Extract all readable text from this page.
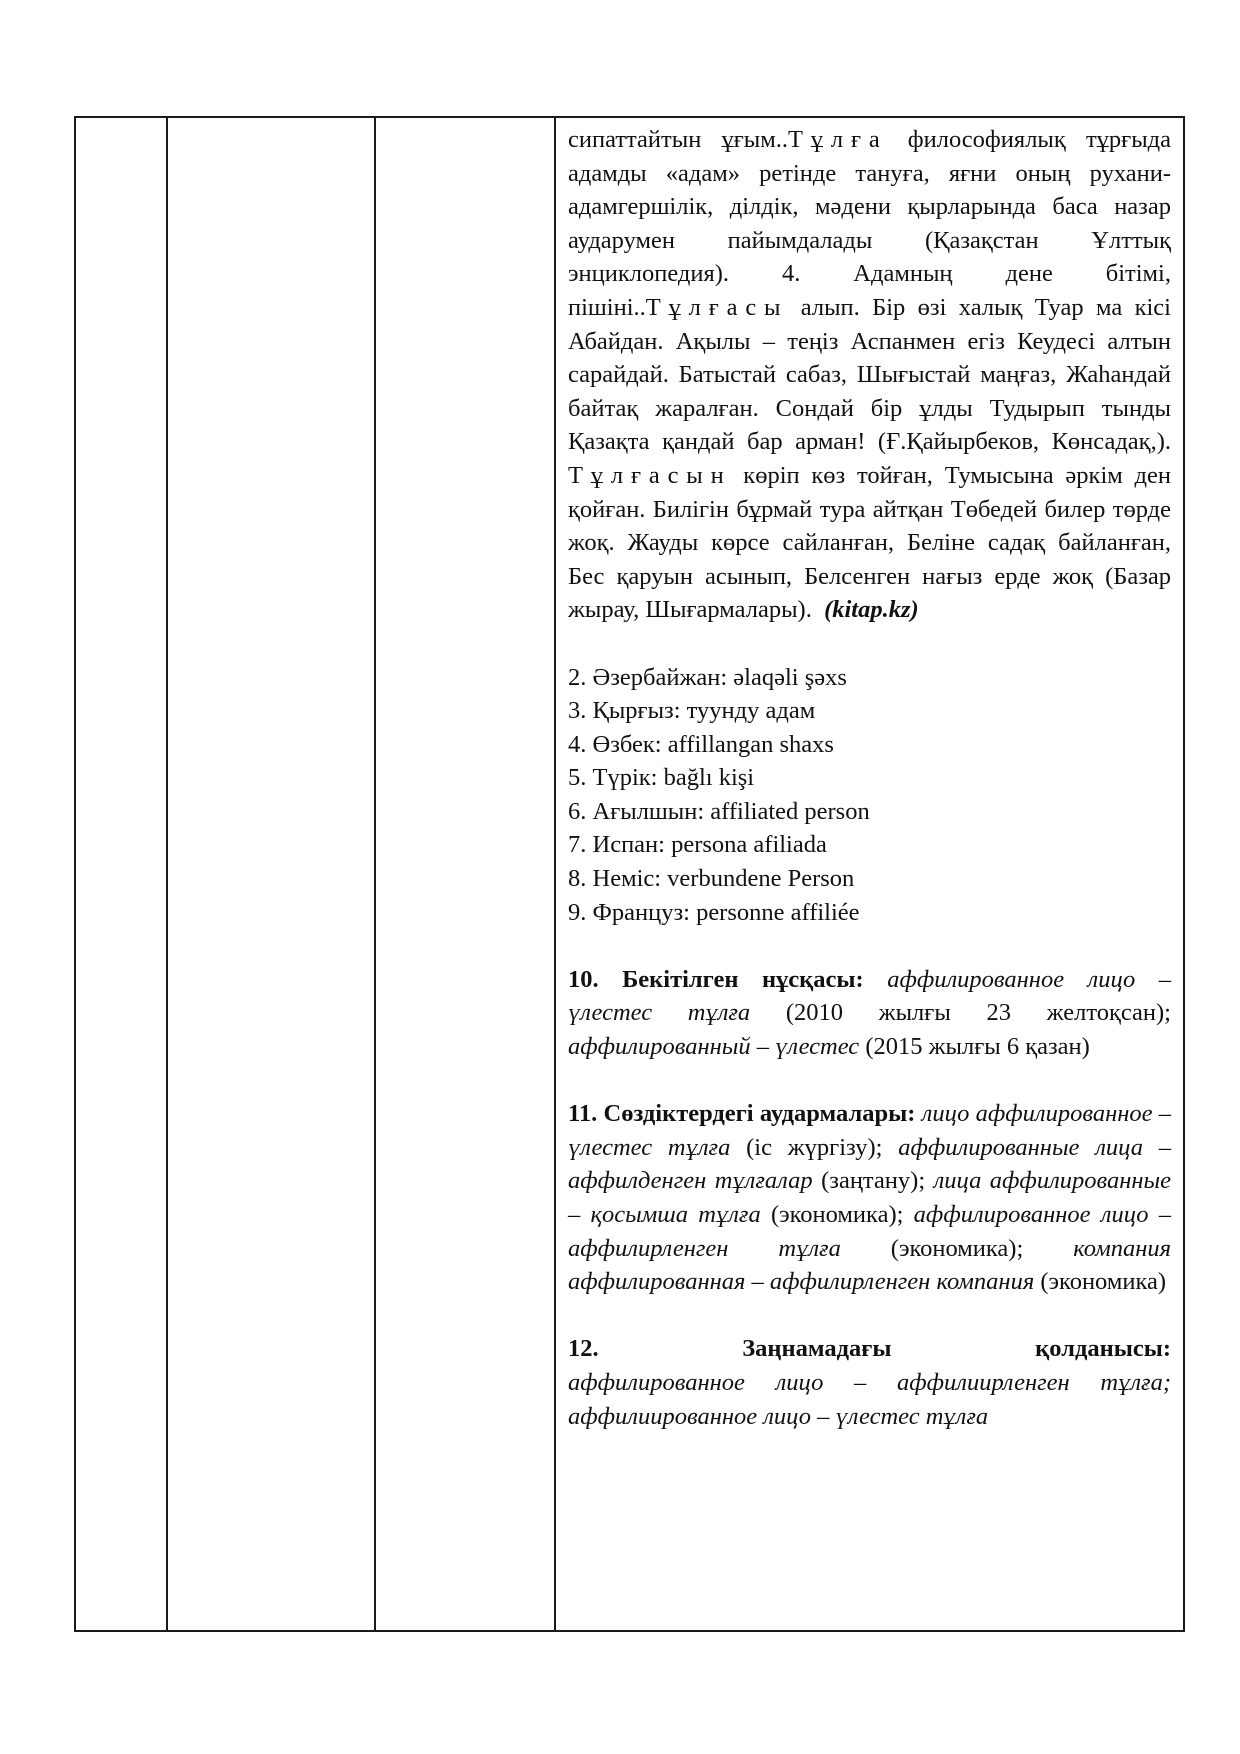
сипаттайтын ұғым..Тұлға философиялық тұрғыда адамды «адам» ретінде тануға, яғни оның рухани-адамгершілік, ділдік, мәдени қырларында баса назар аударумен пайымдалады (Қазақстан Ұлттық энциклопедия). 4. Адамның дене бітімі, пішіні..Тұлғасы алып. Бір өзі халық Туар ма кісі Абайдан. Ақылы – теңіз Аспанмен егіз Кеудесі алтын сарайдай. Батыстай сабаз, Шығыстай маңғаз, Жаһандай байтақ жаралған. Сондай бір ұлды Тудырып тынды Қазақта қандай бар арман! (Ғ.Қайырбеков, Көнсадақ,). Тұлғасын көріп көз тойған, Тумысына әркім ден қойған. Билігін бұрмай тура айтқан Төбедей билер төрде жоқ. Жауды көрсе сайланған, Беліне садақ байланған, Бес қаруын асынып, Белсенген нағыз ерде жоқ (Базар жырау, Шығармалары). (kitap.kz)

2. Әзербайжан: əlaqəli şəxs

3. Қырғыз: туунду адам

4. Өзбек: affillangan shaxs

5. Түрік: bağlı kişi

6. Ағылшын: affiliated person

7. Испан: persona afiliada

8. Неміс: verbundene Person

9. Француз: personne affiliée

10. Бекітілген нұсқасы: аффилированное лицо – үлестес тұлға (2010 жылғы 23 желтоқсан); аффилированный – үлестес (2015 жылғы 6 қазан)

11. Сөздіктердегі аудармалары: лицо аффилированное – үлестес тұлға (іс жүргізу); аффилированные лица – аффилденген тұлғалар (заңтану); лица аффилированные – қосымша тұлға (экономика); аффилированное лицо – аффилирленген тұлға (экономика); компания аффилированная – аффилирленген компания (экономика)

12.	Заңнамадағы	қолданысы:

аффилированное лицо – аффилиирленген тұлға; аффилиированное лицо – үлестес тұлға
